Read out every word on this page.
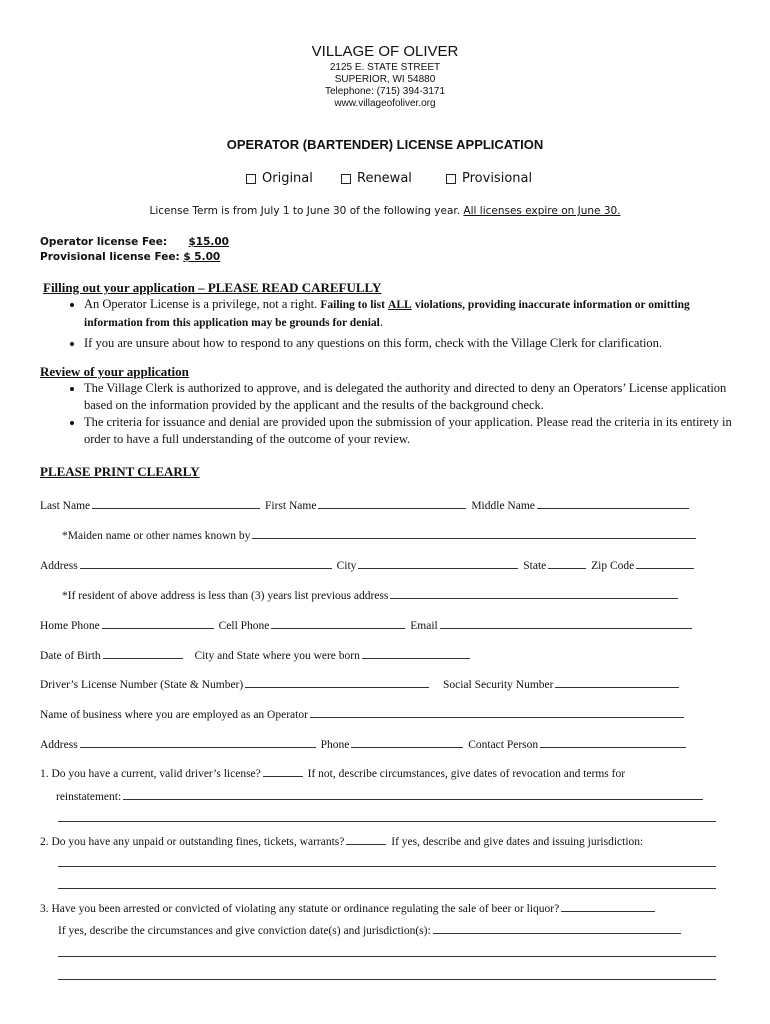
VILLAGE OF OLIVER
2125 E. STATE STREET
SUPERIOR, WI 54880
Telephone: (715) 394-3171
www.villageofoliver.org
OPERATOR (BARTENDER) LICENSE APPLICATION
Original	Renewal	Provisional
License Term is from July 1 to June 30 of the following year. All licenses expire on June 30.
Operator license Fee: $15.00
Provisional license Fee: $ 5.00
Filling out your application – PLEASE READ CAREFULLY
• An Operator License is a privilege, not a right. Failing to list ALL violations, providing inaccurate information or omitting information from this application may be grounds for denial.
• If you are unsure about how to respond to any questions on this form, check with the Village Clerk for clarification.
Review of your application
• The Village Clerk is authorized to approve, and is delegated the authority and directed to deny an Operators’ License application based on the information provided by the applicant and the results of the background check.
• The criteria for issuance and denial are provided upon the submission of your application. Please read the criteria in its entirety in order to have a full understanding of the outcome of your review.
PLEASE PRINT CLEARLY
Last Name	First Name	Middle Name
*Maiden name or other names known by
Address	City	State	Zip Code
*If resident of above address is less than (3) years list previous address
Home Phone	Cell Phone	Email
Date of Birth	City and State where you were born
Driver’s License Number (State & Number)	Social Security Number
Name of business where you are employed as an Operator
Address	Phone	Contact Person
1. Do you have a current, valid driver’s license?	If not, describe circumstances, give dates of revocation and terms for
reinstatement:
2. Do you have any unpaid or outstanding fines, tickets, warrants?	If yes, describe and give dates and issuing jurisdiction:
3. Have you been arrested or convicted of violating any statute or ordinance regulating the sale of beer or liquor?
If yes, describe the circumstances and give conviction date(s) and jurisdiction(s):
